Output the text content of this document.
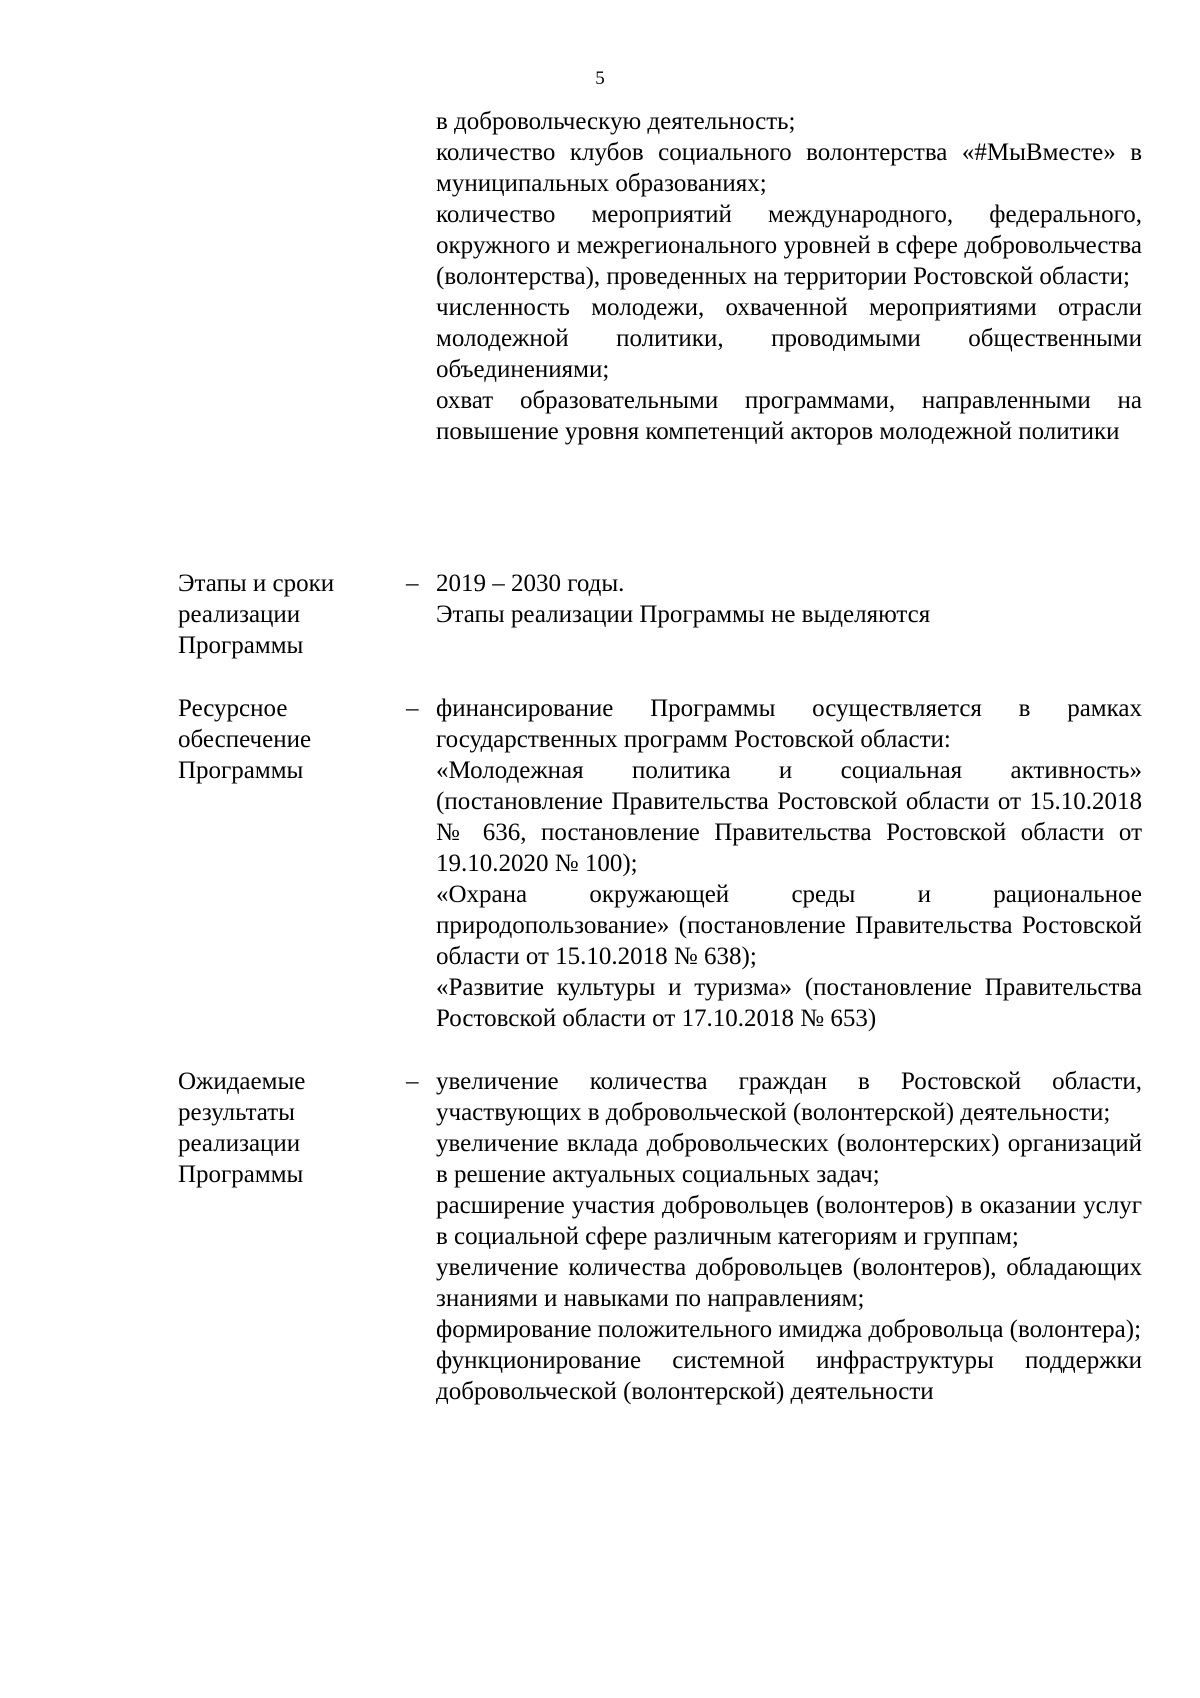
5

в добровольческую деятельность;

количество клубов социального волонтерства «#МыВместе» в муниципальных образованиях;

количество мероприятий международного, федерального, окружного и межрегионального уровней в сфере добровольчества (волонтерства), проведенных на территории Ростовской области;

численность молодежи, охваченной мероприятиями отрасли молодежной политики, проводимыми общественными объединениями;

охват образовательными программами, направленными на повышение уровня компетенций акторов молодежной политики

Этапы и сроки
реализации
Программы
– 2019 – 2030 годы.

Этапы реализации Программы не выделяются

Ресурсное
обеспечение
Программы
– финансирование Программы осуществляется в рамках государственных программ Ростовской области:

«Молодежная политика и социальная активность» (постановление Правительства Ростовской области от 15.10.2018 № 636, постановление Правительства Ростовской области от 19.10.2020 № 100);

«Охрана окружающей среды и рациональное природопользование» (постановление Правительства Ростовской области от 15.10.2018 № 638);

«Развитие культуры и туризма» (постановление Правительства Ростовской области от 17.10.2018 № 653)

Ожидаемые
результаты
реализации
Программы
– увеличение количества граждан в Ростовской области, участвующих в добровольческой (волонтерской) деятельности;

увеличение вклада добровольческих (волонтерских) организаций в решение актуальных социальных задач;

расширение участия добровольцев (волонтеров) в оказании услуг в социальной сфере различным категориям и группам;

увеличение количества добровольцев (волонтеров), обладающих знаниями и навыками по направлениям;

формирование положительного имиджа добровольца (волонтера);

функционирование системной инфраструктуры поддержки добровольческой (волонтерской) деятельности
